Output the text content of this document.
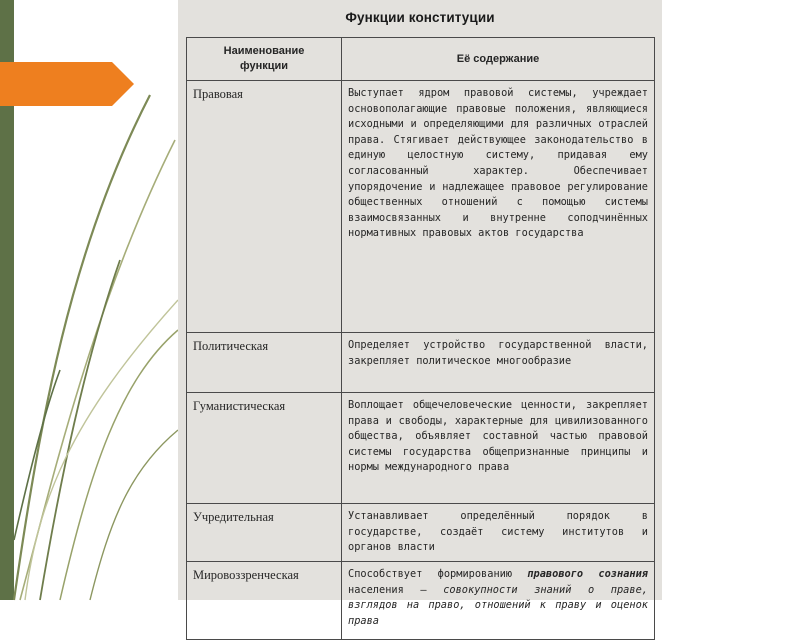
Функции конституции
Наименование
функции	Её содержание
Правовая	Выступает ядром правовой системы, учреждает основополагающие правовые положения, являющиеся исходными и определяющими для различных отраслей права. Стягивает действующее законодательство в единую целостную систему, придавая ему согласованный характер. Обеспечивает упорядочение и надлежащее правовое регулирование общественных отношений с помощью системы взаимосвязанных и внутренне соподчинённых нормативных правовых актов государства
Политическая	Определяет устройство государственной власти, закрепляет политическое многообразие
Гуманистическая	Воплощает общечеловеческие ценности, закрепляет права и свободы, характерные для цивилизованного общества, объявляет составной частью правовой системы государства общепризнанные принципы и нормы международного права
Учредительная	Устанавливает определённый порядок в государстве, создаёт систему институтов и органов власти
Мировоззренческая	Способствует формированию правового сознания населения — совокупности знаний о праве, взглядов на право, отношений к праву и оценок права
